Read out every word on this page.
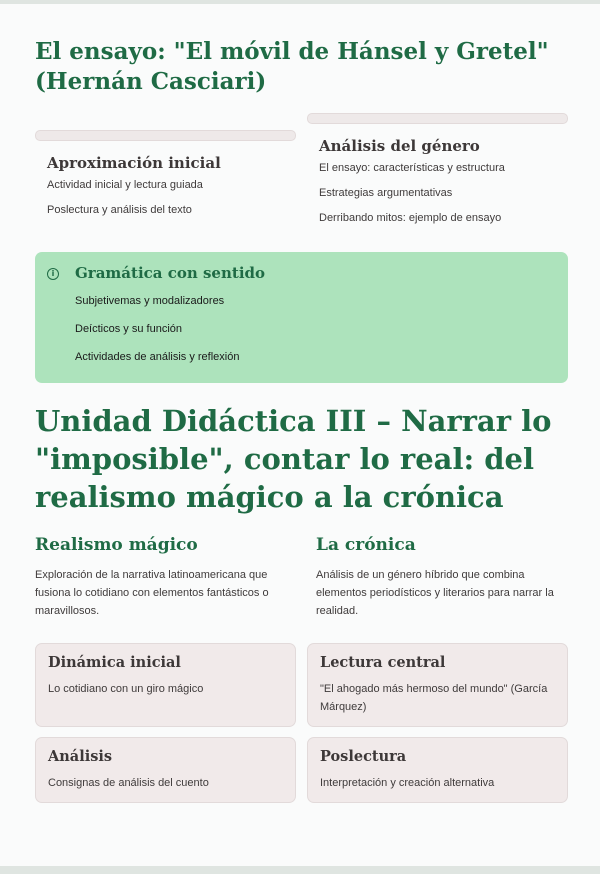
El ensayo: "El móvil de Hánsel y Gretel" (Hernán Casciari)
Aproximación inicial
Actividad inicial y lectura guiada
Poslectura y análisis del texto
Análisis del género
El ensayo: características y estructura
Estrategias argumentativas
Derribando mitos: ejemplo de ensayo
i	Gramática con sentido
Subjetivemas y modalizadores
Deícticos y su función
Actividades de análisis y reflexión
Unidad Didáctica III – Narrar lo "imposible", contar lo real: del realismo mágico a la crónica
Realismo mágico
Exploración de la narrativa latinoamericana que fusiona lo cotidiano con elementos fantásticos o maravillosos.
La crónica
Análisis de un género híbrido que combina elementos periodísticos y literarios para narrar la realidad.
Dinámica inicial
Lo cotidiano con un giro mágico
Lectura central
"El ahogado más hermoso del mundo" (García Márquez)
Análisis
Consignas de análisis del cuento
Poslectura
Interpretación y creación alternativa
